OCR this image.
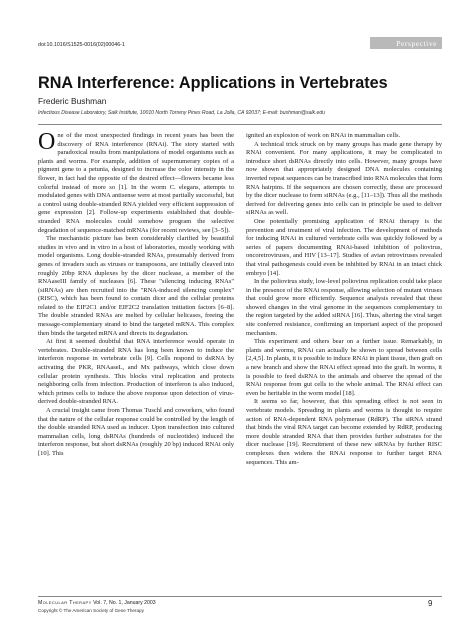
doi:10.1016/S1525-0016(02)00046-1	Perspective
RNA Interference: Applications in Vertebrates
Frederic Bushman
Infectious Disease Laboratory, Salk Institute, 10010 North Torreny Pines Road, La Jolla, CA 92037; E-mail: bushman@salk.edu

One of the most unexpected findings in recent years has been the discovery of RNA interference (RNAi). The story started with paradoxical results from manipulations of model organisms such as plants and worms. For example, addition of supernumerary copies of a pigment gene to a petunia, designed to increase the color intensity in the flower, in fact had the opposite of the desired effect—flowers became less colorful instead of more so [1]. In the worm C. elegans, attempts to modulated genes with DNA antisense were at most partially successful, but a control using double-stranded RNA yielded very efficient suppression of gene expression [2]. Follow-up experiments established that double-stranded RNA molecules could somehow program the selective degradation of sequence-matched mRNAs (for recent reviews, see [3–5]).

The mechanistic picture has been considerably clarified by beautiful studies in vivo and in vitro in a host of laboratories, mostly working with model organisms. Long double-stranded RNAs, presumably derived from genes of invaders such as viruses or transposons, are initially cleaved into roughly 20bp RNA duplexes by the dicer nuclease, a member of the RNAaseIII family of nucleases [6]. These "silencing inducing RNAs" (siRNAs) are then recruited into the "RNA-induced silencing complex" (RISC), which has been found to contain dicer and the cellular proteins related to the EIF2C1 and/or EIF2C2 translation initiation factors [6–8]. The double stranded RNAs are melted by cellular helicases, freeing the message-complementary strand to bind the targeted mRNA. This complex then binds the targeted mRNA and directs its degradation.

At first it seemed doubtful that RNA interference would operate in vertebrates. Double-stranded RNA has long been known to induce the interferon response in vertebrate cells [9]. Cells respond to dsRNA by activating the PKR, RNAaseL, and Mx pathways, which close down cellular protein synthesis. This blocks viral replication and protects neighboring cells from infection. Production of interferon is also induced, which primes cells to induce the above response upon detection of virus-derived double-stranded RNA.

A crucial insight came from Thomas Tuschl and coworkers, who found that the nature of the cellular response could be controlled by the length of the double stranded RNA used as inducer. Upon transfection into cultured mammalian cells, long dsRNAs (hundreds of nucleotides) induced the interferon response, but short dsRNAs (roughly 20 bp) induced RNAi only [10]. This

ignited an explosion of work on RNAi in mammalian cells.

A technical trick struck on by many groups has made gene therapy by RNAi convenient. For many applications, it may be complicated to introduce short dsRNAs directly into cells. However, many groups have now shown that appropriately designed DNA molecules containing inverted repeat sequences can be transcribed into RNA molecules that form RNA hairpins. If the sequences are chosen correctly, these are processed by the dicer nuclease to form siRNAs (e.g., [11–13]). Thus all the methods derived for delivering genes into cells can in principle be used to deliver siRNAs as well.

One potentially promising application of RNAi therapy is the prevention and treatment of viral infection. The development of methods for inducing RNAi in cultured vertebrate cells was quickly followed by a series of papers documenting RNAi-based inhibition of poliovirus, oncoretroviruses, and HIV [13–17]. Studies of avian retroviruses revealed that viral pathogenesis could even be inhibited by RNAi in an intact chick embryo [14].

In the poliovirus study, low-level poliovirus replication could take place in the presence of the RNAi response, allowing selection of mutant viruses that could grow more efficiently. Sequence analysis revealed that these showed changes in the viral genome in the sequences complementary to the region targeted by the added siRNA [16]. Thus, altering the viral target site conferred resistance, confirming an important aspect of the proposed mechanism.

This experiment and others bear on a further issue. Remarkably, in plants and worms, RNAi can actually be shown to spread between cells [2,4,5]. In plants, it is possible to induce RNAi in plant tissue, then graft on a new branch and show the RNAi effect spread into the graft. In worms, it is possible to feed dsRNA to the animals and observe the spread of the RNAi response from gut cells to the whole animal. The RNAi effect can even be heritable in the worm model [18].

It seems so far, however, that this spreading effect is not seen in vertebrate models. Spreading in plants and worms is thought to require action of RNA-dependent RNA polymerase (RdRP). The siRNA strand that binds the viral RNA target can become extended by RdRP, producing more double stranded RNA that then provides further substrates for the dicer nuclease [19]. Recruitment of these new siRNAs by further RISC complexes then widens the RNAi response to further target RNA sequences. This am-

Molecular Therapy Vol. 7, No. 1, January 2003
Copyright © The American Society of Gene Therapy
9
